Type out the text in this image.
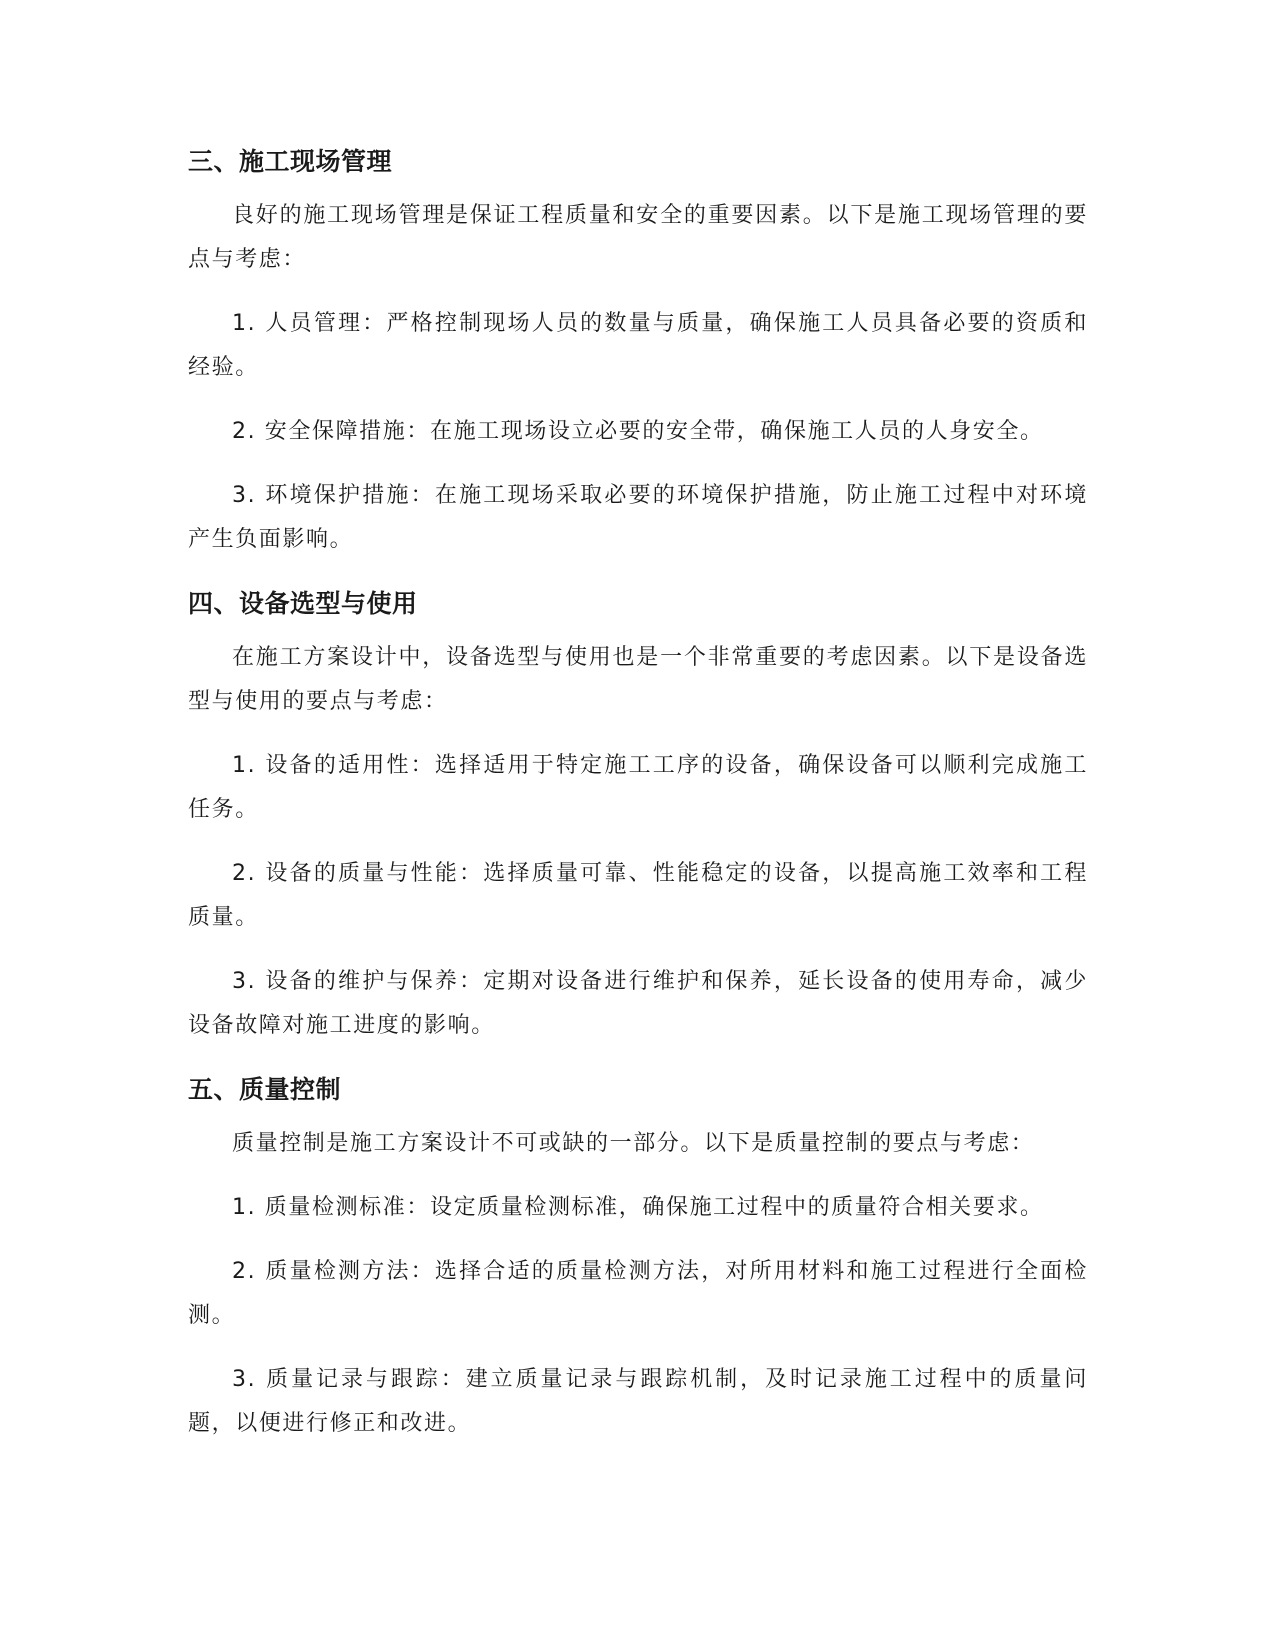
三、施工现场管理

良好的施工现场管理是保证工程质量和安全的重要因素。以下是施工现场管理的要点与考虑：

1. 人员管理：严格控制现场人员的数量与质量，确保施工人员具备必要的资质和经验。

2. 安全保障措施：在施工现场设立必要的安全带，确保施工人员的人身安全。

3. 环境保护措施：在施工现场采取必要的环境保护措施，防止施工过程中对环境产生负面影响。

四、设备选型与使用

在施工方案设计中，设备选型与使用也是一个非常重要的考虑因素。以下是设备选型与使用的要点与考虑：

1. 设备的适用性：选择适用于特定施工工序的设备，确保设备可以顺利完成施工任务。

2. 设备的质量与性能：选择质量可靠、性能稳定的设备，以提高施工效率和工程质量。

3. 设备的维护与保养：定期对设备进行维护和保养，延长设备的使用寿命，减少设备故障对施工进度的影响。

五、质量控制

质量控制是施工方案设计不可或缺的一部分。以下是质量控制的要点与考虑：

1. 质量检测标准：设定质量检测标准，确保施工过程中的质量符合相关要求。

2. 质量检测方法：选择合适的质量检测方法，对所用材料和施工过程进行全面检测。

3. 质量记录与跟踪：建立质量记录与跟踪机制，及时记录施工过程中的质量问题，以便进行修正和改进。
